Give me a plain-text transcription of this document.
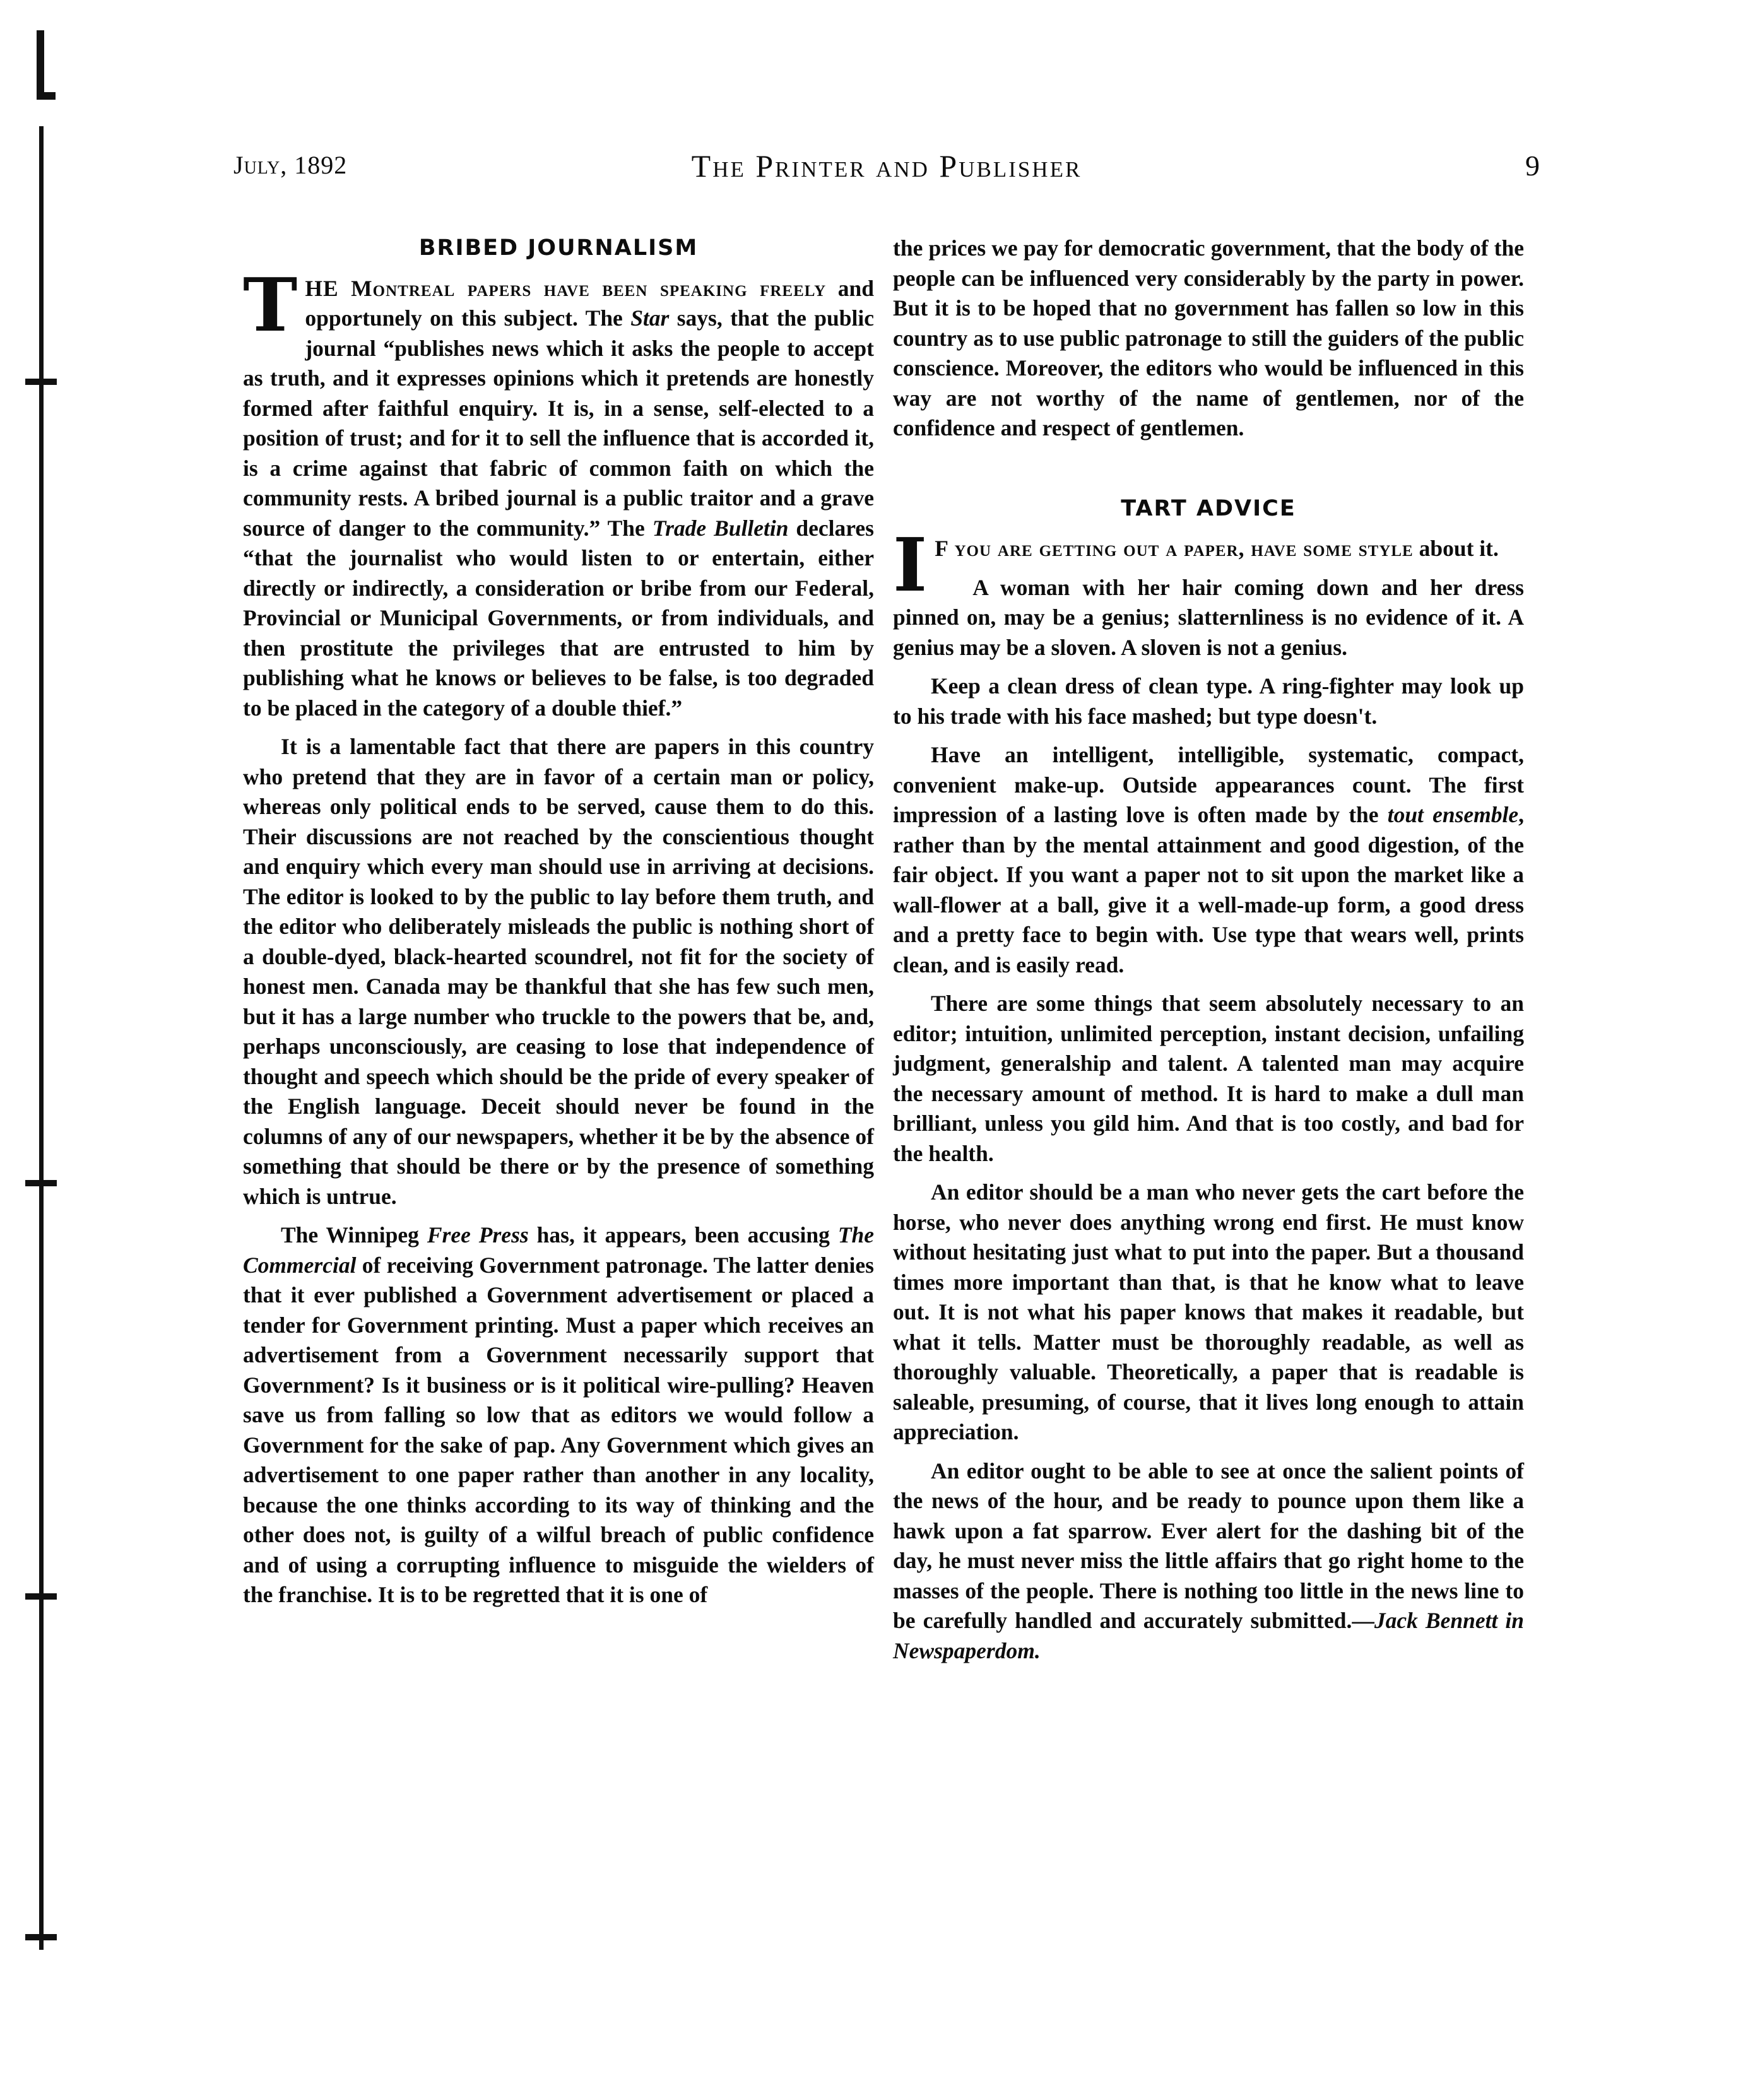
July, 1892	The Printer and Publisher	9
BRIBED JOURNALISM

THE Montreal papers have been speaking freely and opportunely on this subject. The Star says, that the public journal “publishes news which it asks the people to accept as truth, and it expresses opinions which it pretends are honestly formed after faithful enquiry. It is, in a sense, self-elected to a position of trust; and for it to sell the influence that is accorded it, is a crime against that fabric of common faith on which the community rests. A bribed journal is a public traitor and a grave source of danger to the community.” The Trade Bulletin declares “that the journalist who would listen to or entertain, either directly or indirectly, a consideration or bribe from our Federal, Provincial or Municipal Governments, or from individuals, and then prostitute the privileges that are entrusted to him by publishing what he knows or believes to be false, is too degraded to be placed in the category of a double thief.”

It is a lamentable fact that there are papers in this country who pretend that they are in favor of a certain man or policy, whereas only political ends to be served, cause them to do this. Their discussions are not reached by the conscientious thought and enquiry which every man should use in arriving at decisions. The editor is looked to by the public to lay before them truth, and the editor who deliberately misleads the public is nothing short of a double-dyed, black-hearted scoundrel, not fit for the society of honest men. Canada may be thankful that she has few such men, but it has a large number who truckle to the powers that be, and, perhaps unconsciously, are ceasing to lose that independence of thought and speech which should be the pride of every speaker of the English language. Deceit should never be found in the columns of any of our newspapers, whether it be by the absence of something that should be there or by the presence of something which is untrue.

The Winnipeg Free Press has, it appears, been accusing The Commercial of receiving Government patronage. The latter denies that it ever published a Government advertisement or placed a tender for Government printing. Must a paper which receives an advertisement from a Government necessarily support that Government? Is it business or is it political wire-pulling? Heaven save us from falling so low that as editors we would follow a Government for the sake of pap. Any Government which gives an advertisement to one paper rather than another in any locality, because the one thinks according to its way of thinking and the other does not, is guilty of a wilful breach of public confidence and of using a corrupting influence to misguide the wielders of the franchise. It is to be regretted that it is one of

the prices we pay for democratic government, that the body of the people can be influenced very considerably by the party in power. But it is to be hoped that no government has fallen so low in this country as to use public patronage to still the guiders of the public conscience. Moreover, the editors who would be influenced in this way are not worthy of the name of gentlemen, nor of the confidence and respect of gentlemen.

TART ADVICE

I F you are getting out a paper, have some style about it.

A woman with her hair coming down and her dress pinned on, may be a genius; slatternliness is no evidence of it. A genius may be a sloven. A sloven is not a genius.

Keep a clean dress of clean type. A ring-fighter may look up to his trade with his face mashed; but type doesn't.

Have an intelligent, intelligible, systematic, compact, convenient make-up. Outside appearances count. The first impression of a lasting love is often made by the tout ensemble, rather than by the mental attainment and good digestion, of the fair object. If you want a paper not to sit upon the market like a wall-flower at a ball, give it a well-made-up form, a good dress and a pretty face to begin with. Use type that wears well, prints clean, and is easily read.

There are some things that seem absolutely necessary to an editor; intuition, unlimited perception, instant decision, unfailing judgment, generalship and talent. A talented man may acquire the necessary amount of method. It is hard to make a dull man brilliant, unless you gild him. And that is too costly, and bad for the health.

An editor should be a man who never gets the cart before the horse, who never does anything wrong end first. He must know without hesitating just what to put into the paper. But a thousand times more important than that, is that he know what to leave out. It is not what his paper knows that makes it readable, but what it tells. Matter must be thoroughly readable, as well as thoroughly valuable. Theoretically, a paper that is readable is saleable, presuming, of course, that it lives long enough to attain appreciation.

An editor ought to be able to see at once the salient points of the news of the hour, and be ready to pounce upon them like a hawk upon a fat sparrow. Ever alert for the dashing bit of the day, he must never miss the little affairs that go right home to the masses of the people. There is nothing too little in the news line to be carefully handled and accurately submitted.—Jack Bennett in Newspaperdom.
